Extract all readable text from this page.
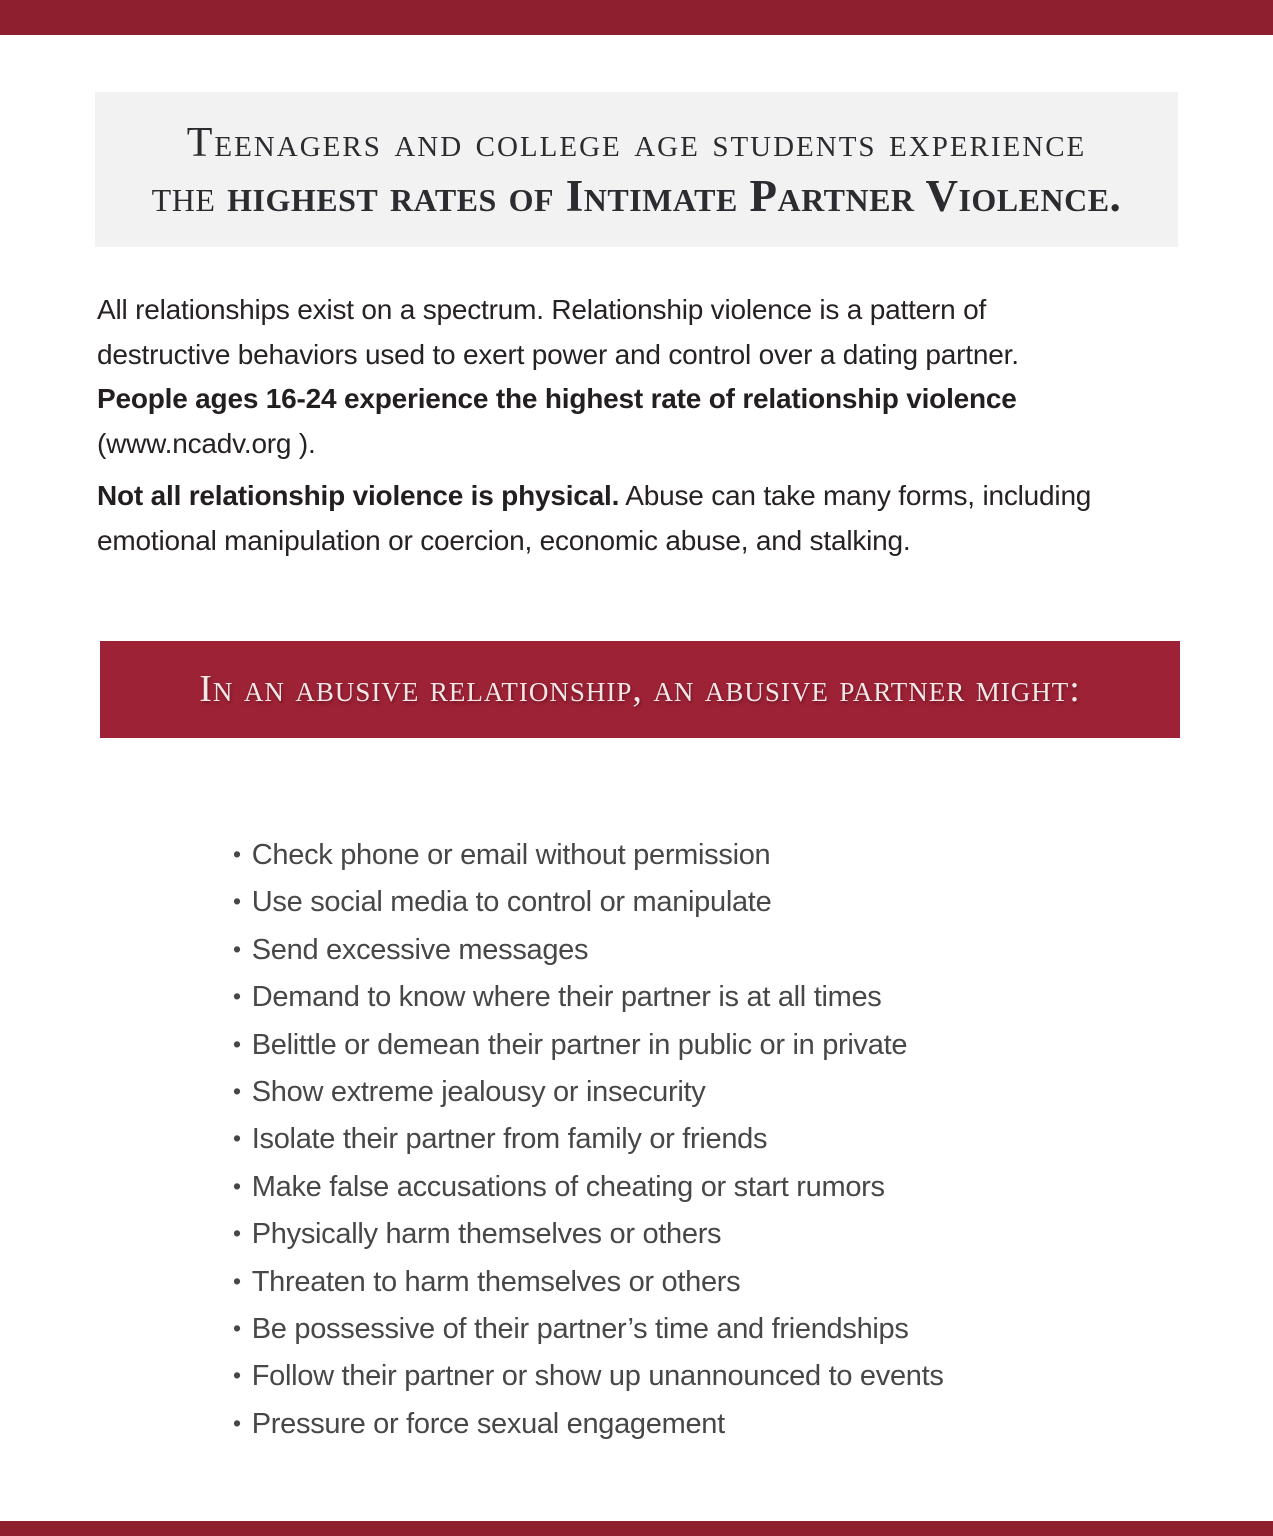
Teenagers and college age students experience
the highest rates of Intimate Partner Violence.

All relationships exist on a spectrum. Relationship violence is a pattern of

destructive behaviors used to exert power and control over a dating partner.

People ages 16-24 experience the highest rate of relationship violence

(www.ncadv.org ).

Not all relationship violence is physical. Abuse can take many forms, including

emotional manipulation or coercion, economic abuse, and stalking.

In an abusive relationship, an abusive partner might:
• Check phone or email without permission
• Use social media to control or manipulate
• Send excessive messages
• Demand to know where their partner is at all times
• Belittle or demean their partner in public or in private
• Show extreme jealousy or insecurity
• Isolate their partner from family or friends
• Make false accusations of cheating or start rumors
• Physically harm themselves or others
• Threaten to harm themselves or others
• Be possessive of their partner’s time and friendships
• Follow their partner or show up unannounced to events
• Pressure or force sexual engagement
